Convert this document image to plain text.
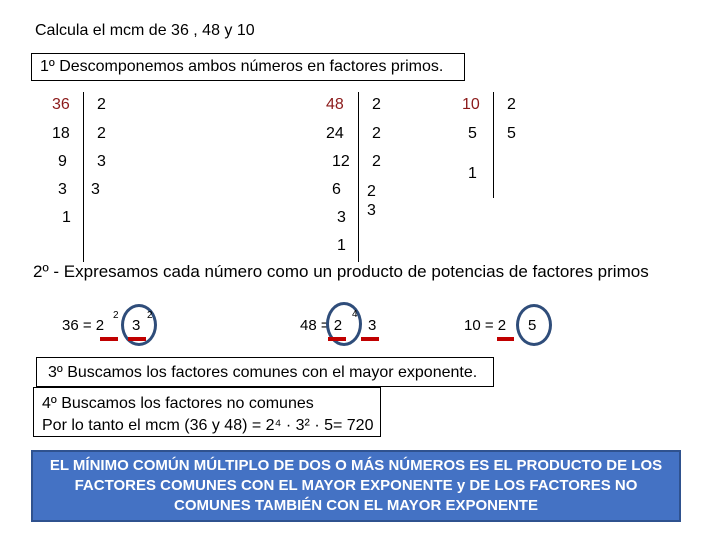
Calcula el mcm de 36 , 48 y 10
1º Descomponemos ambos números en factores primos.
36
18
9
3
1
2
2
3
3
48
24
12
6
3
1
2
2
2
2
3
10
5
1
2
5
2º - Expresamos cada número como un producto de potencias de factores primos
36 = 2
2
3
2
48 = 2
4
3	10 = 2 5
3º Buscamos los factores comunes con el mayor exponente.
4º Buscamos los factores no comunes
Por lo tanto el mcm (36 y 48) = 2⁴ · 3² · 5= 720
EL MÍNIMO COMÚN MÚLTIPLO DE DOS O MÁS NÚMEROS ES EL PRODUCTO DE LOS
FACTORES COMUNES CON EL MAYOR EXPONENTE y DE LOS FACTORES NO
COMUNES TAMBIÉN CON EL MAYOR EXPONENTE
